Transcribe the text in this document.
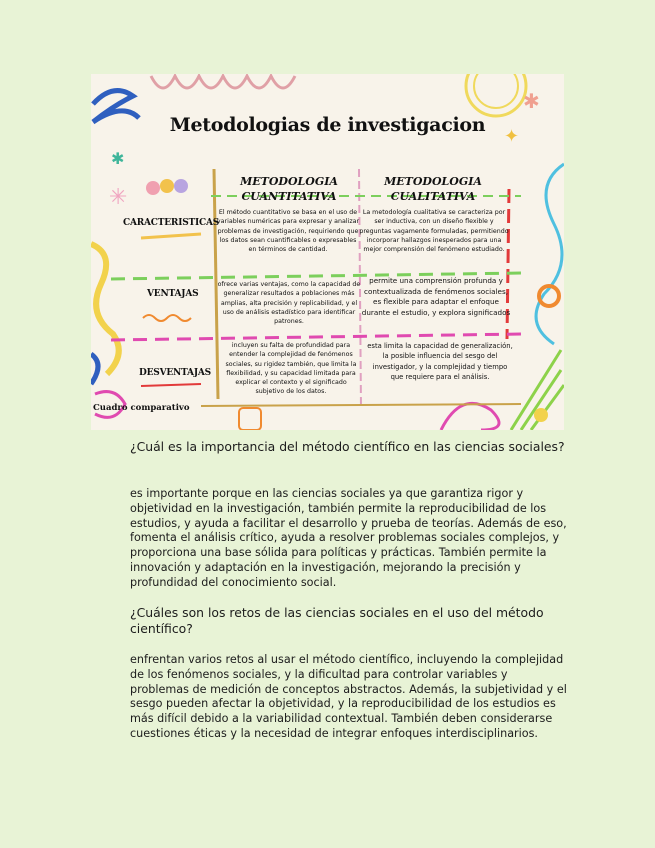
✱
✦
✱
✳
Metodologias de investigacion
METODOLOGIA CUANTITATIVA
METODOLOGIA CUALITATIVA
CARACTERISTICAS
VENTAJAS
DESVENTAJAS
El método cuantitativo se basa en el uso de variables numéricas para expresar y analizar problemas de investigación, requiriendo que los datos sean cuantificables o expresables en términos de cantidad.
La metodología cualitativa se caracteriza por ser inductiva, con un diseño flexible y preguntas vagamente formuladas, permitiendo incorporar hallazgos inesperados para una mejor comprensión del fenómeno estudiado.
ofrece varias ventajas, como la capacidad de generalizar resultados a poblaciones más amplias, alta precisión y replicabilidad, y el uso de análisis estadístico para identificar patrones.
permite una comprensión profunda y contextualizada de fenómenos sociales, es flexible para adaptar el enfoque durante el estudio, y explora significados
incluyen su falta de profundidad para entender la complejidad de fenómenos sociales, su rigidez también, que limita la flexibilidad, y su capacidad limitada para explicar el contexto y el significado subjetivo de los datos.
esta limita la capacidad de generalización, la posible influencia del sesgo del investigador, y la complejidad y tiempo que requiere para el análisis.
Cuadro comparativo
¿Cuál es la importancia del método científico en las ciencias sociales?
es importante porque en las ciencias sociales ya que garantiza rigor y objetividad en la investigación, también permite la reproducibilidad de los estudios, y ayuda a facilitar el desarrollo y prueba de teorías. Además de eso, fomenta el análisis crítico, ayuda a resolver problemas sociales complejos, y proporciona una base sólida para políticas y prácticas. También permite la innovación y adaptación en la investigación, mejorando la precisión y profundidad del conocimiento social.
¿Cuáles son los retos de las ciencias sociales en el uso del método científico?
enfrentan varios retos al usar el método científico, incluyendo la complejidad de los fenómenos sociales, y la dificultad para controlar variables y problemas de medición de conceptos abstractos. Además, la subjetividad y el sesgo pueden afectar la objetividad, y la reproducibilidad de los estudios es más difícil debido a la variabilidad contextual. También deben considerarse cuestiones éticas y la necesidad de integrar enfoques interdisciplinarios.
